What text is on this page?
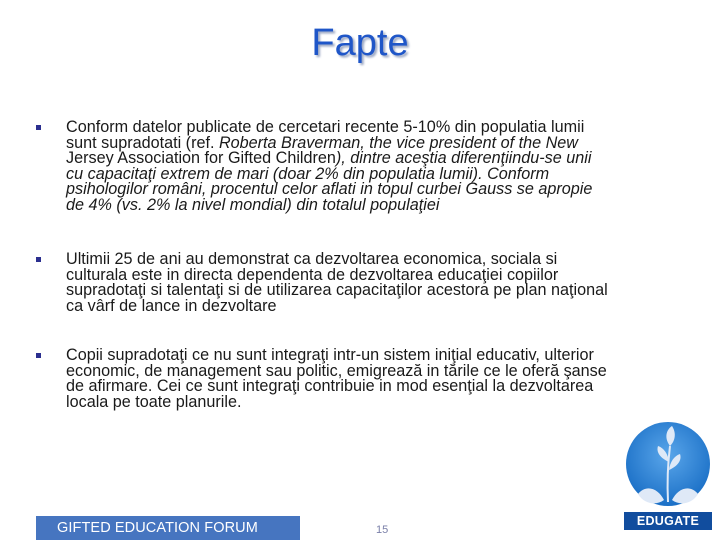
Fapte
Conform datelor publicate de cercetari recente 5-10% din populatia lumii
sunt supradotati (ref. Roberta Braverman, the vice president of the New
Jersey Association for Gifted Children), dintre aceştia diferenţiindu-se unii
cu capacitaţi extrem de mari (doar 2% din populatia lumii). Conform
psihologilor români, procentul celor aflati in topul curbei Gauss se apropie
de 4% (vs. 2% la nivel mondial) din totalul populaţiei
Ultimii 25 de ani au demonstrat ca dezvoltarea economica, sociala si
culturala este in directa dependenta de dezvoltarea educaţiei copiilor
supradotaţi si talentaţi si de utilizarea capacitaţilor acestora pe plan naţional
ca vârf de lance in dezvoltare
Copii supradotaţi ce nu sunt integraţi intr-un sistem iniţial educativ, ulterior
economic, de management sau politic, emigrează in tările ce le oferă şanse
de afirmare. Cei ce sunt integraţi contribuie in mod esenţial la dezvoltarea
locala pe toate planurile.
GIFTED EDUCATION FORUM	15
EDUGATE
